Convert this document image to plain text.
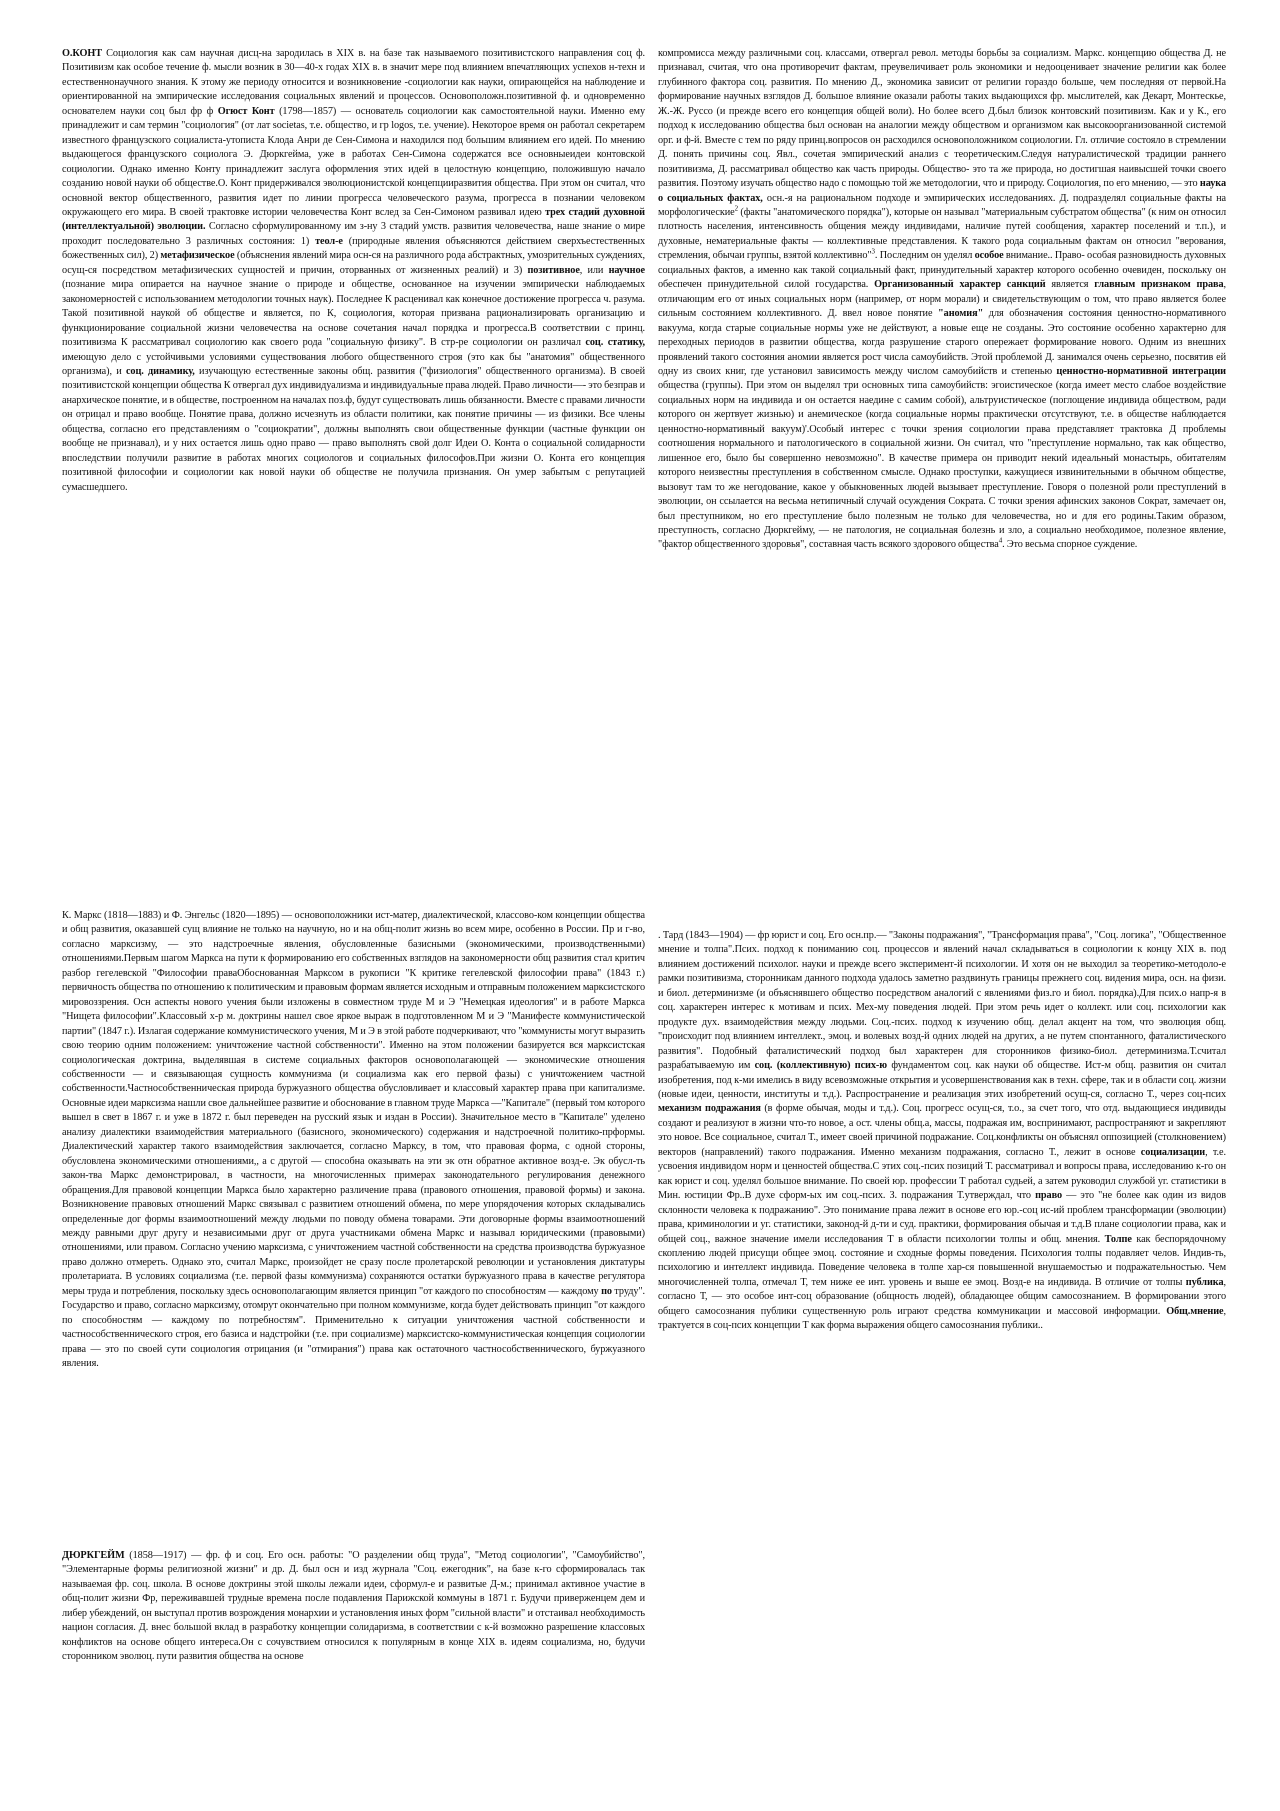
О.КОНТ Социология как сам научная дисц-на зародилась в XIX в. на базе так называемого позитивистского направления соц ф. Позитивизм как особое течение ф. мысли возник в 30—40-х годах XIX в. в значит мере под влиянием впечатляющих успехов н-техн и естественнонаучного знания. К этому же периоду относится и возникновение -социологии как науки, опирающейся на наблюдение и ориентированной на эмпирические исследования социальных явлений и процессов. Основоположн.позитивной ф. и одновременно основателем науки соц был фр ф Огюст Конт (1798—1857) — основатель социологии как самостоятельной науки. Именно ему принадлежит и сам термин "социология" (от лат societas, т.е. общество, и гр logos, т.е. учение). Некоторое время он работал секретарем известного французского социалиста-утописта Клода Анри де Сен-Симона и находился под большим влиянием его идей. По мнению выдающегося французского социолога Э. Дюркгейма, уже в работах Сен-Симона содержатся все основныеидеи контовской социологии. Однако именно Конту принадлежит заслуга оформления этих идей в целостную концепцию, положившую начало созданию новой науки об обществе.О. Конт придерживался эволюционистской концепцииразвития общества. При этом он считал, что основной вектор общественного, развития идет по линии прогресса человеческого разума, прогресса в познании человеком окружающего его мира. В своей трактовке истории человечества Конт вслед за Сен-Симоном развивал идею трех стадий духовной (интеллектуальной) эволюции. Согласно сформулированному им з-ну 3 стадий умств. развития человечества, наше знание о мире проходит последовательно 3 различных состояния: 1) теол-е (природные явления объясняются действием сверхъестественных божественных сил), 2) метафизическое (объяснения явлений мира осн-ся на различного рода абстрактных, умозрительных суждениях, осущ-ся посредством метафизических сущностей и причин, оторванных от жизненных реалий) и 3) позитивное, или научное (познание мира опирается на научное знание о природе и обществе, основанное на изучении эмпирически наблюдаемых закономерностей с использованием методологии точных наук). Последнее К расценивал как конечное достижение прогресса ч. разума. Такой позитивной наукой об обществе и является, по К, социология, которая призвана рационализировать организацию и функционирование социальной жизни человечества на основе сочетания начал порядка и прогресса.В соответствии с принц. позитивизма К рассматривал социологию как своего рода "социальную физику". В стр-ре социологии он различал соц. статику, имеющую дело с устойчивыми условиями существования любого общественного строя (это как бы "анатомия" общественного организма), и соц. динамику, изучающую естественные законы общ. развития ("физиология" общественного организма). В своей позитивистской концепции общества К отвергал дух индивидуализма и индивидуальные права людей. Право личности—- это безправ и анархическое понятие, и в обществе, построенном на началах поз.ф, будут существовать лишь обязанности. Вместе с правами личности он отрицал и право вообще. Понятие права, должно исчезнуть из области политики, как понятие причины — из физики. Все члены общества, согласно его представлениям о "социократии", должны выполнять свои общественные функции (частные функции он вообще не признавал), и у них остается лишь одно право — право выполнять свой долг Идеи О. Конта о социальной солидарности впоследствии получили развитие в работах многих социологов и социальных философов.При жизни О. Конта его концепция позитивной философии и социологии как новой науки об обществе не получила признания. Он умер забытым с репутацией сумасшедшего.

К. Маркс (1818—1883) и Ф. Энгельс (1820—1895) — основоположники ист-матер, диалектической, классово-ком концепции общества и общ развития, оказавшей сущ влияние не только на научную, но и на общ-полит жизнь во всем мире, особенно в России. Пр и г-во, согласно марксизму, — это надстроечные явления, обусловленные базисными (экономическими, производственными) отношениями.Первым шагом Маркса на пути к формированию его собственных взглядов на закономерности общ развития стал критич разбор гегелевской "Философии праваОбоснованная Марксом в рукописи "К критике гегелевской философии права" (1843 г.) первичность общества по отношению к политическим и правовым формам является исходным и отправным положением марксистского мировоззрения. Осн аспекты нового учения были изложены в совместном труде М и Э "Немецкая идеология" и в работе Маркса "Нищета философии".Классовый х-р м. доктрины нашел свое яркое выраж в подготовленном М и Э "Манифесте коммунистической партии" (1847 г.). Излагая содержание коммунистического учения, М и Э в этой работе подчеркивают, что "коммунисты могут выразить свою теорию одним положением: уничтожение частной собственности". Именно на этом положении базируется вся марксистская социологическая доктрина, выделявшая в системе социальных факторов основополагающей — экономические отношения собственности — и связывающая сущность коммунизма (и социализма как его первой фазы) с уничтожением частной собственности.Частнособственническая природа буржуазного общества обусловливает и классовый характер права при капитализме. Основные идеи марксизма нашли свое дальнейшее развитие и обоснование в главном труде Маркса —"Капитале" (первый том которого вышел в свет в 1867 г. и уже в 1872 г. был переведен на русский язык и издан в России). Значительное место в "Капитале" уделено анализу диалектики взаимодействия материального (базисного, экономического) содержания и надстроечной политико-прформы. Диалектический характер такого взаимодействия заключается, согласно Марксу, в том, что правовая форма, с одной стороны, обусловлена экономическими отношениями,, а с другой — способна оказывать на эти эк отн обратное активное возд-е. Эк обусл-ть закон-тва Маркс демонстрировал, в частности, на многочисленных примерах законодательного регулирования денежного обращения.Для правовой концепции Маркса было характерно различение права (правового отношения, правовой формы) и закона. Возникновение правовых отношений Маркс связывал с развитием отношений обмена, по мере упорядочения которых складывались определенные дог формы взаимоотношений между людьми по поводу обмена товарами. Эти договорные формы взаимоотношений между равными друг другу и независимыми друг от друга участниками обмена Маркс и называл юридическими (правовыми) отношениями, или правом. Согласно учению марксизма, с уничтожением частной собственности на средства производства буржуазное право должно отмереть. Однако это, считал Маркс, произойдет не сразу после пролетарской революции и установления диктатуры пролетариата. В условиях социализма (т.е. первой фазы коммунизма) сохраняются остатки буржуазного права в качестве регулятора меры труда и потребления, поскольку здесь основополагающим является принцип "от каждого по способностям — каждому по труду". Государство и право, согласно марксизму, отомрут окончательно при полном коммунизме, когда будет действовать принцип "от каждого по способностям — каждому по потребностям". Применительно к ситуации уничтожения частной собственности и частнособственнического строя, его базиса и надстройки (т.е. при социализме) марксистско-коммунистическая концепция социологии права — это по своей сути социология отрицания (и "отмирания") права как остаточного частнособственнического, буржуазного явления.

ДЮРКГЕЙМ (1858—1917) — фр. ф и соц. Его осн. работы: "О разделении общ труда", "Метод социологии", "Самоубийство", "Элементарные формы религиозной жизни" и др. Д. был осн и изд журнала "Соц. ежегодник", на базе к-го сформировалась так называемая фр. соц. школа. В основе доктрины этой школы лежали идеи, сформул-е и развитые Д-м.; принимал активное участие в общ-полит жизни Фр, переживавшей трудные времена после подавления Парижской коммуны в 1871 г. Будучи приверженцем дем и либер убеждений, он выступал против возрождения монархии и установления иных форм "сильной власти" и отстаивал необходимость национ согласия. Д. внес большой вклад в разработку концепции солидаризма, в соответствии с к-й возможно разрешение классовых конфликтов на основе общего интереса.Он с сочувствием относился к популярным в конце XIX в. идеям социализма, но, будучи сторонником эволюц. пути развития общества на основе

компромисса между различными соц. классами, отвергал револ. методы борьбы за социализм. Маркс. концепцию общества Д. не признавал, считая, что она противоречит фактам, преувеличивает роль экономики и недооценивает значение религии как более глубинного фактора соц. развития. По мнению Д., экономика зависит от религии гораздо больше, чем последняя от первой.На формирование научных взглядов Д. большое влияние оказали работы таких выдающихся фр. мыслителей, как Декарт, Монтескье, Ж.-Ж. Руссо (и прежде всего его концепция общей воли). Но более всего Д.был близок контовский позитивизм. Как и у К., его подход к исследованию общества был основан на аналогии между обществом и организмом как высокоорганизованной системой орг. и ф-й. Вместе с тем по ряду принц.вопросов он расходился основоположником социологии. Гл. отличие состояло в стремлении Д. понять причины соц. Явл., сочетая эмпирический анализ с теоретическим.Следуя натуралистической традиции раннего позитивизма, Д. рассматривал общество как часть природы. Общество- это та же природа, но достигшая наивысшей точки своего развития. Поэтому изучать общество надо с помощью той же методологии, что и природу. Социология, по его мнению, — это наука о социальных фактах, осн.-я на рациональном подходе и эмпирических исследованиях. Д. подразделял социальные факты на морфологические$^2$ (факты "анатомического порядка"), которые он называл "материальным субстратом общества" (к ним он относил плотность населения, интенсивность общения между индивидами, наличие путей сообщения, характер поселений и т.п.), и духовные, нематериальные факты — коллективные представления. К такого рода социальным фактам он относил "верования, стремления, обычаи группы, взятой коллективно"$^3$. Последним он уделял особое внимание.. Право- особая разновидность духовных социальных фактов, а именно как такой социальный факт, принудительный характер которого особенно очевиден, поскольку он обеспечен принудительной силой государства. Организованный характер санкций является главным признаком права, отличающим его от иных социальных норм (например, от норм морали) и свидетельствующим о том, что право является более сильным состоянием коллективного. Д. ввел новое понятие "аномия" для обозначения состояния ценностно-нормативного вакуума, когда старые социальные нормы уже не действуют, а новые еще не созданы. Это состояние особенно характерно для переходных периодов в развитии общества, когда разрушение старого опережает формирование нового. Одним из внешних проявлений такого состояния аномии является рост числа самоубийств. Этой проблемой Д. занимался очень серьезно, посвятив ей одну из своих книг, где установил зависимость между числом самоубийств и степенью ценностно-нормативной интеграции общества (группы). При этом он выделял три основных типа самоубийств: эгоистическое (когда имеет место слабое воздействие социальных норм на индивида и он остается наедине с самим собой), альтруистическое (поглощение индивида обществом, ради которого он жертвует жизнью) и анемическое (когда социальные нормы практически отсутствуют, т.е. в обществе наблюдается ценностно-нормативный вакуум)'.Особый интерес с точки зрения социологии права представляет трактовка Д проблемы соотношения нормального и патологического в социальной жизни. Он считал, что "преступление нормально, так как общество, лишенное его, было бы совершенно невозможно". В качестве примера он приводит некий идеальный монастырь, обитателям которого неизвестны преступления в собственном смысле. Однако проступки, кажущиеся извинительными в обычном обществе, вызовут там то же негодование, какое у обыкновенных людей вызывает преступление. Говоря о полезной роли преступлений в эволюции, он ссылается на весьма нетипичный случай осуждения Сократа. С точки зрения афинских законов Сократ, замечает он, был преступником, но его преступление было полезным не только для человечества, но и для его родины.Таким образом, преступность, согласно Дюркгейму, — не патология, не социальная болезнь и зло, а социально необходимое, полезное явление, "фактор общественного здоровья", составная часть всякого здорового общества$^4$. Это весьма спорное суждение.

. Тард (1843—1904) — фр юрист и соц. Его осн.пр.— "Законы подражания", "Трансформация права", "Соц. логика", "Общественное мнение и толпа".Псих. подход к пониманию соц. процессов и явлений начал складываться в социологии к концу XIX в. под влиянием достижений психолог. науки и прежде всего эксперимент-й психологии. И хотя он не выходил за теоретико-методоло-е рамки позитивизма, сторонникам данного подхода удалось заметно раздвинуть границы прежнего соц. видения мира, осн. на физи. и биол. детерминизме (и объяснявшего общество посредством аналогий с явлениями физ.го и биол. порядка).Для псих.о напр-я в соц. характерен интерес к мотивам и псих. Мех-му поведения людей. При этом речь идет о коллект. или соц. психологии как продукте дух. взаимодействия между людьми. Соц.-псих. подход к изучению общ. делал акцент на том, что эволюция общ. "происходит под влиянием интеллект., эмоц. и волевых возд-й одних людей на других, а не путем спонтанного, фаталистического развития". Подобный фаталистический подход был характерен для сторонников физико-биол. детерминизма.Т.считал разрабатываемую им соц. (коллективную) псих-ю фундаментом соц. как науки об обществе. Ист-м общ. развития он считал изобретения, под к-ми имелись в виду всевозможные открытия и усовершенствования как в техн. сфере, так и в области соц. жизни (новые идеи, ценности, институты и т.д.). Распространение и реализация этих изобретений осущ-ся, согласно Т., через соц-псих механизм подражания (в форме обычая, моды и т.д.). Соц. прогресс осущ-ся, т.о., за счет того, что отд. выдающиеся индивиды создают и реализуют в жизни что-то новое, а ост. члены общ.а, массы, подражая им, воспринимают, распространяют и закрепляют это новое. Все социальное, считал Т., имеет своей причиной подражание. Соц.конфликты он объяснял оппозицией (столкновением) векторов (направлений) такого подражания. Именно механизм подражания, согласно Т., лежит в основе социализации, т.е. усвоения индивидом норм и ценностей общества.С этих соц.-псих позиций Т. рассматривал и вопросы права, исследованию к-го он как юрист и соц. уделял большое внимание. По своей юр. профессии Т работал судьей, а затем руководил службой уг. статистики в Мин. юстиции Фр..В духе сформ-ых им соц.-псих. З. подражания Т.утверждал, что право — это "не более как один из видов склонности человека к подражанию". Это понимание права лежит в основе его юр.-соц ис-ий проблем трансформации (эволюции) права, криминологии и уг. статистики, законод-й д-ти и суд. практики, формирования обычая и т.д.В плане социологии права, как и общей соц., важное значение имели исследования Т в области психологии толпы и общ. мнения. Толпе как беспорядочному скоплению людей присущи общее эмоц. состояние и сходные формы поведения. Психология толпы подавляет челов. Индив-ть, психологию и интеллект индивида. Поведение человека в толпе хар-ся повышенной внушаемостью и подражательностью. Чем многочисленней толпа, отмечал Т, тем ниже ее инт. уровень и выше ее эмоц. Возд-е на индивида. В отличие от толпы публика, согласно Т, — это особое инт-соц образование (общность людей), обладающее общим самосознанием. В формировании этого общего самосознания публики существенную роль играют средства коммуникации и массовой информации. Общ.мнение, трактуется в соц-псих концепции Т как форма выражения общего самосознания публики..
